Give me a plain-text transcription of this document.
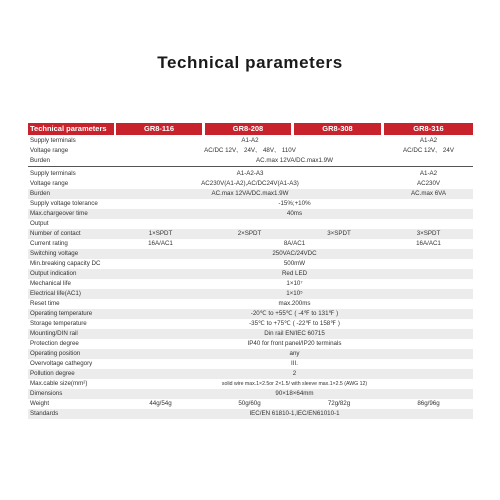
Technical parameters
Technical parameters	GR8-116	GR8-208	GR8-308	GR8-316
Supply terminals	A1-A2	A1-A2
Voltage range	AC/DC 12V、 24V、 48V、 110V	AC/DC 12V、 24V
Burden	AC.max 12VA/DC.max1.9W
Supply terminals	A1-A2-A3	A1-A2
Voltage range	AC230V(A1-A2),AC/DC24V(A1-A3)	AC230V
Burden	AC.max 12VA/DC.max1.9W	AC.max 6VA
Supply voltage tolerance	-15%;+10%
Max.chargeover time	40ms
Output
Number of contact	1×SPDT	2×SPDT	3×SPDT	3×SPDT
Current rating	16A/AC1	8A/AC1	16A/AC1
Switching voltage	250VAC/24VDC
Min.breaking capacity DC	500mW
Output indication	Red LED
Mechanical life	1×10⁷
Electrical life(AC1)	1×10⁵
Reset time	max.200ms
Operating temperature	-20℃ to +55℃ ( -4℉ to 131℉ )
Storage temperature	-35℃ to +75℃ ( -22℉ to 158℉ )
Mounting/DIN rail	Din rail EN/IEC 60715
Protection degree	IP40 for front panel/IP20 terminals
Operating position	any
Overvoltage cathegory	III.
Pollution degree	2
Max.cable size(mm²)	solid wire max.1×2.5or 2×1.5/ with sleeve max.1×2.5 (AWG 12)
Dimensions	90×18×64mm
Weight	44g/54g	50g/60g	72g/82g	86g/96g
Standards	IEC/EN 61810-1,IEC/EN61010-1
